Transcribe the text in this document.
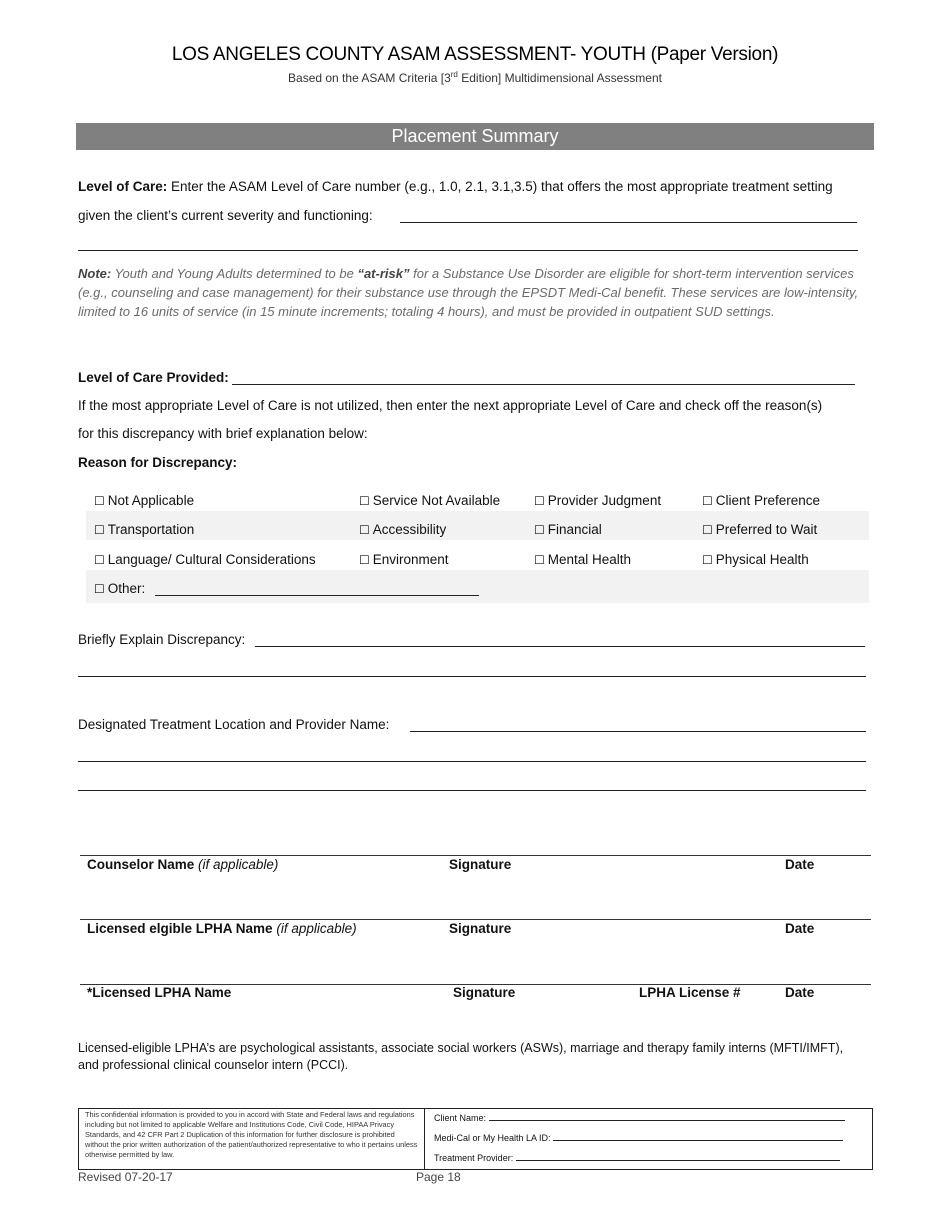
LOS ANGELES COUNTY ASAM ASSESSMENT- YOUTH (Paper Version)
Based on the ASAM Criteria [3rd Edition] Multidimensional Assessment
Placement Summary
Level of Care: Enter the ASAM Level of Care number (e.g., 1.0, 2.1, 3.1,3.5) that offers the most appropriate treatment setting
given the client’s current severity and functioning:
Note: Youth and Young Adults determined to be “at-risk” for a Substance Use Disorder are eligible for short-term intervention services (e.g., counseling and case management) for their substance use through the EPSDT Medi-Cal benefit. These services are low-intensity, limited to 16 units of service (in 15 minute increments; totaling 4 hours), and must be provided in outpatient SUD settings.
Level of Care Provided:
If the most appropriate Level of Care is not utilized, then enter the next appropriate Level of Care and check off the reason(s)
for this discrepancy with brief explanation below:
Reason for Discrepancy:
☐ Not Applicable	☐ Service Not Available	☐ Provider Judgment	☐ Client Preference
☐ Transportation	☐ Accessibility	☐ Financial	☐ Preferred to Wait
☐ Language/ Cultural Considerations	☐ Environment	☐ Mental Health	☐ Physical Health
☐ Other:
Briefly Explain Discrepancy:
Designated Treatment Location and Provider Name:
Counselor Name (if applicable)	Signature	Date
Licensed elgible LPHA Name (if applicable)	Signature	Date
*Licensed LPHA Name	Signature	LPHA License #	Date
Licensed-eligible LPHA’s are psychological assistants, associate social workers (ASWs), marriage and therapy family interns (MFTI/IMFT),
and professional clinical counselor intern (PCCI).
This confidential information is provided to you in accord with State and Federal laws and regulations including but not limited to applicable Welfare and Institutions Code, Civil Code, HIPAA Privacy Standards, and 42 CFR Part 2 Duplication of this information for further disclosure is prohibited without the prior written authorization of the patient/authorized representative to who it pertains unless otherwise permitted by law.
Client Name:
Medi-Cal or My Health LA ID:
Treatment Provider:
Revised 07-20-17	Page 18
